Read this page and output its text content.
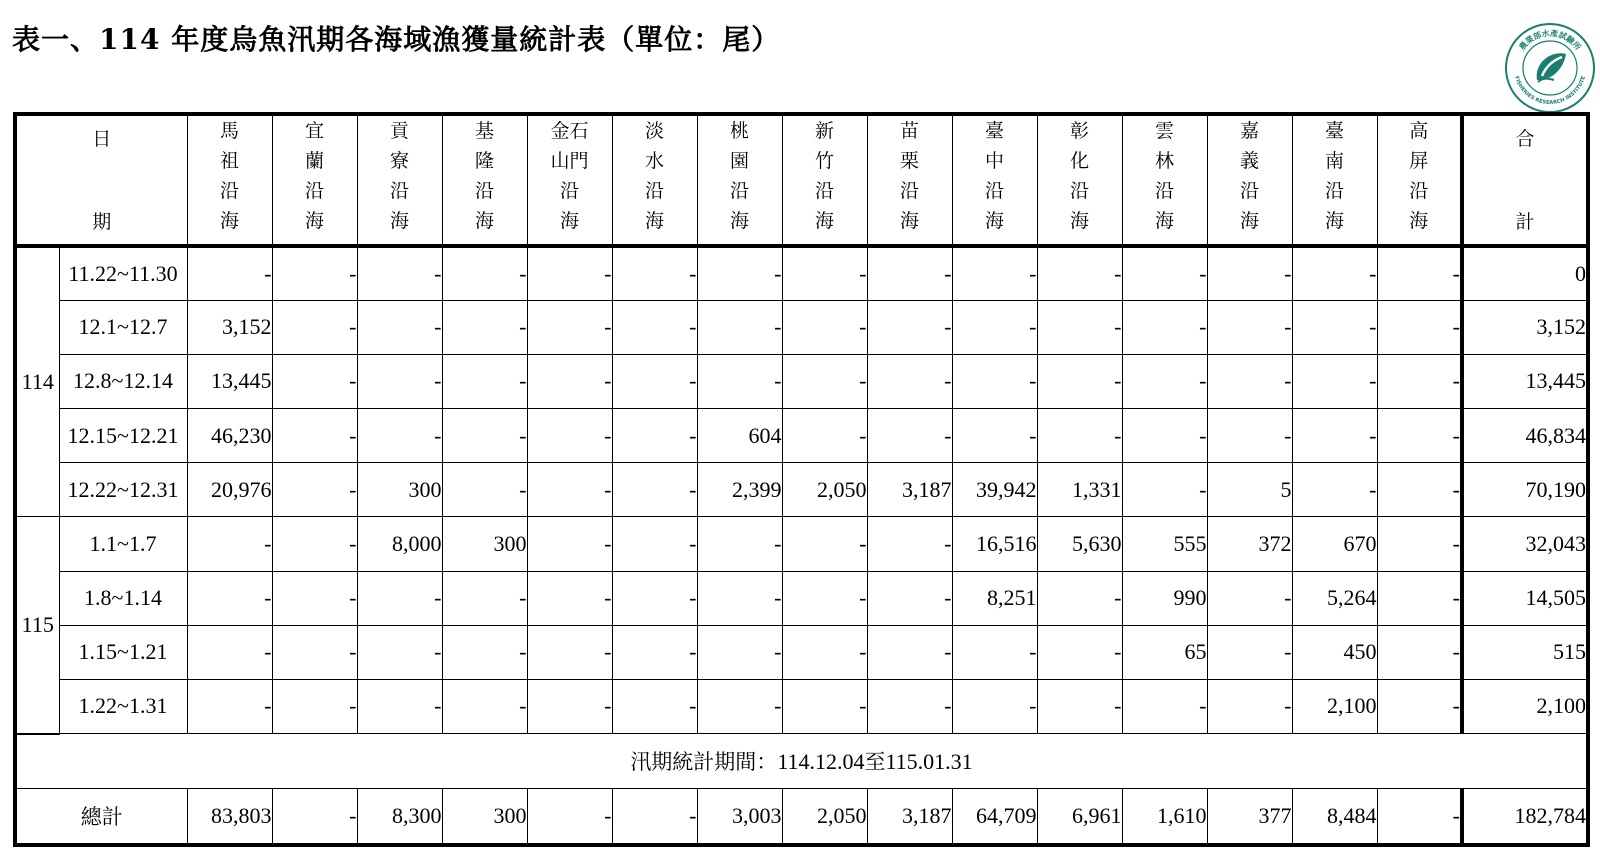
表一、114 年度烏魚汛期各海域漁獲量統計表（單位：尾）	農業部水產試驗所
FISHERIES RESEARCH INSTITUTE
日
期		馬
祖
沿
海	宜
蘭
沿
海	貢
寮
沿
海	基
隆
沿
海	金石
山門
沿
海	淡
水
沿
海	桃
園
沿
海	新
竹
沿
海	苗
栗
沿
海	臺
中
沿
海	彰
化
沿
海	雲
林
沿
海	嘉
義
沿
海	臺
南
沿
海	高
屏
沿
海	合
計

114	11.22~11.30	-	-	-	-	-	-	-	-	-	-	-	-	-	-	-	0
	12.1~12.7	3,152	-	-	-	-	-	-	-	-	-	-	-	-	-	-	3,152
	12.8~12.14	13,445	-	-	-	-	-	-	-	-	-	-	-	-	-	-	13,445
	12.15~12.21	46,230	-	-	-	-	-	604	-	-	-	-	-	-	-	-	46,834
	12.22~12.31	20,976	-	300	-	-	-	2,399	2,050	3,187	39,942	1,331	-	5	-	-	70,190
115	1.1~1.7	-	-	8,000	300	-	-	-	-	-	16,516	5,630	555	372	670	-	32,043
	1.8~1.14	-	-	-	-	-	-	-	-	-	8,251	-	990	-	5,264	-	14,505
	1.15~1.21	-	-	-	-	-	-	-	-	-	-	-	65	-	450	-	515
	1.22~1.31	-	-	-	-	-	-	-	-	-	-	-	-	-	2,100	-	2,100
汛期統計期間：114.12.04至115.01.31																	
總計		83,803	-	8,300	300	-	-	3,003	2,050	3,187	64,709	6,961	1,610	377	8,484	-	182,784
